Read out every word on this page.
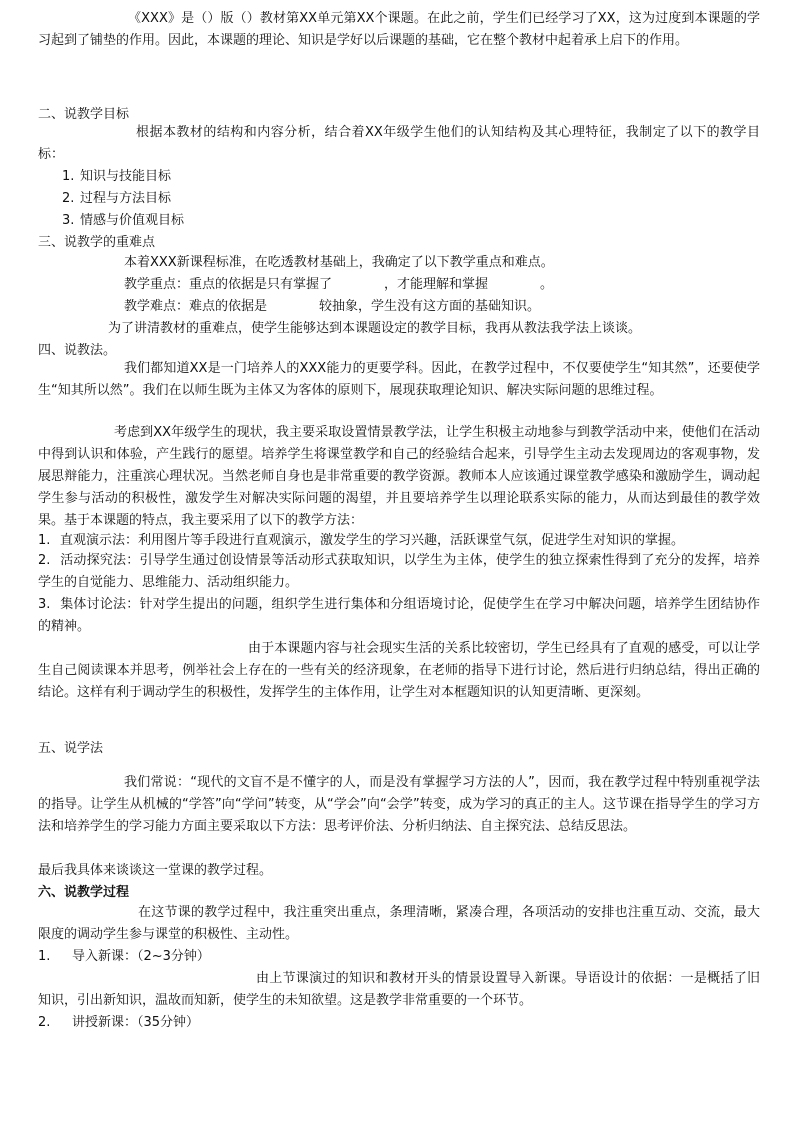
《XXX》是（）版（）教材第XX单元第XX个课题。在此之前，学生们已经学习了XX，这为过度到本课题的学习起到了铺垫的作用。因此，本课题的理论、知识是学好以后课题的基础，它在整个教材中起着承上启下的作用。

二、说教学目标

根据本教材的结构和内容分析，结合着XX年级学生他们的认知结构及其心理特征，我制定了以下的教学目标：

1. 知识与技能目标

2. 过程与方法目标

3. 情感与价值观目标

三、说教学的重难点

本着XXX新课程标准，在吃透教材基础上，我确定了以下教学重点和难点。

教学重点：重点的依据是只有掌握了　　　　，才能理解和掌握　　　　。

教学难点：难点的依据是　　　　较抽象，学生没有这方面的基础知识。

为了讲清教材的重难点，使学生能够达到本课题设定的教学目标，我再从教法我学法上谈谈。

四、说教法。

我们都知道XX是一门培养人的XXX能力的更要学科。因此，在教学过程中，不仅要使学生“知其然”，还要使学生“知其所以然”。我们在以师生既为主体又为客体的原则下，展现获取理论知识、解决实际问题的思维过程。

考虑到XX年级学生的现状，我主要采取设置情景教学法，让学生积极主动地参与到教学活动中来，使他们在活动中得到认识和体验，产生践行的愿望。培养学生将课堂教学和自己的经验结合起来，引导学生主动去发现周边的客观事物，发展思辩能力，注重滨心理状况。当然老师自身也是非常重要的教学资源。教师本人应该通过课堂教学感染和激励学生，调动起学生参与活动的积极性，激发学生对解决实际问题的渴望，并且要培养学生以理论联系实际的能力，从而达到最佳的教学效果。基于本课题的特点，我主要采用了以下的教学方法：

1. 直观演示法：利用图片等手段进行直观演示，激发学生的学习兴趣，活跃课堂气氛，促进学生对知识的掌握。

2. 活动探究法：引导学生通过创设情景等活动形式获取知识，以学生为主体，使学生的独立探索性得到了充分的发挥，培养学生的自觉能力、思维能力、活动组织能力。

3. 集体讨论法：针对学生提出的问题，组织学生进行集体和分组语境讨论，促使学生在学习中解决问题，培养学生团结协作的精神。

由于本课题内容与社会现实生活的关系比较密切，学生已经具有了直观的感受，可以让学生自己阅读课本并思考，例举社会上存在的一些有关的经济现象，在老师的指导下进行讨论，然后进行归纳总结，得出正确的结论。这样有利于调动学生的积极性，发挥学生的主体作用，让学生对本框题知识的认知更清晰、更深刻。

五、说学法

我们常说：“现代的文盲不是不懂字的人，而是没有掌握学习方法的人”，因而，我在教学过程中特别重视学法的指导。让学生从机械的“学答”向“学问”转变，从“学会”向“会学”转变，成为学习的真正的主人。这节课在指导学生的学习方法和培养学生的学习能力方面主要采取以下方法：思考评价法、分析归纳法、自主探究法、总结反思法。

最后我具体来谈谈这一堂课的教学过程。

六、说教学过程

在这节课的教学过程中，我注重突出重点，条理清晰，紧凑合理，各项活动的安排也注重互动、交流，最大限度的调动学生参与课堂的积极性、主动性。

1. 导入新课：（2~3分钟）

由上节课演过的知识和教材开头的情景设置导入新课。导语设计的依据：一是概括了旧知识，引出新知识，温故而知新，使学生的未知欲望。这是教学非常重要的一个环节。

2. 讲授新课：（35分钟）
